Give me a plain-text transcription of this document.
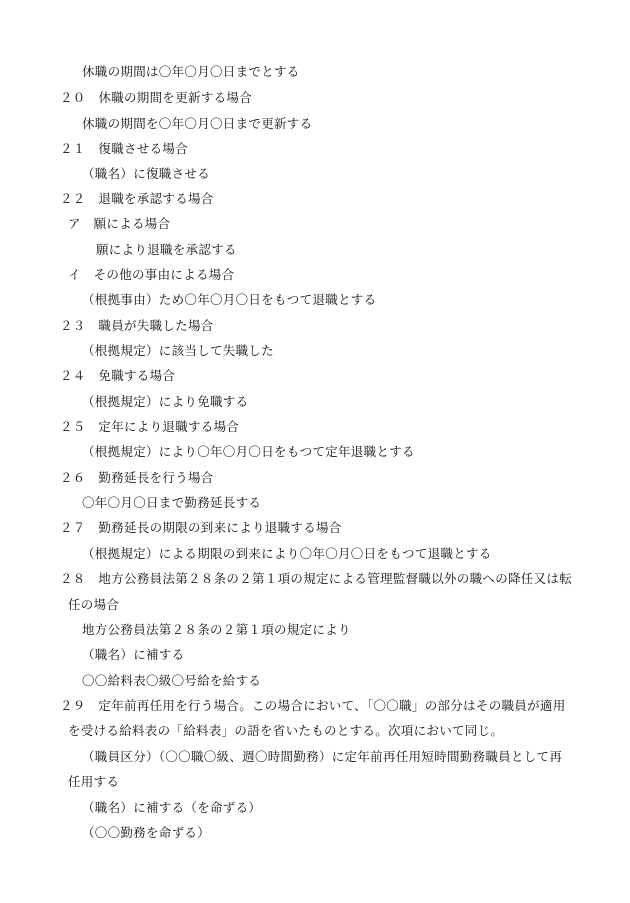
休職の期間は〇年〇月〇日までとする
２０　休職の期間を更新する場合
休職の期間を〇年〇月〇日まで更新する
２１　復職させる場合
（職名）に復職させる
２２　退職を承認する場合
ア　願による場合
願により退職を承認する
イ　その他の事由による場合
（根拠事由）ため〇年〇月〇日をもつて退職とする
２３　職員が失職した場合
（根拠規定）に該当して失職した
２４　免職する場合
（根拠規定）により免職する
２５　定年により退職する場合
（根拠規定）により〇年〇月〇日をもつて定年退職とする
２６　勤務延長を行う場合
〇年〇月〇日まで勤務延長する
２７　勤務延長の期限の到来により退職する場合
（根拠規定）による期限の到来により〇年〇月〇日をもつて退職とする
２８　地方公務員法第２８条の２第１項の規定による管理監督職以外の職への降任又は転
任の場合
地方公務員法第２８条の２第１項の規定により
（職名）に補する
〇〇給料表〇級〇号給を給する
２９　定年前再任用を行う場合。この場合において、「〇〇職」の部分はその職員が適用
を受ける給料表の「給料表」の語を省いたものとする。次項において同じ。
（職員区分）（〇〇職〇級、週〇時間勤務）に定年前再任用短時間勤務職員として再
任用する
（職名）に補する（を命ずる）
（〇〇勤務を命ずる）
